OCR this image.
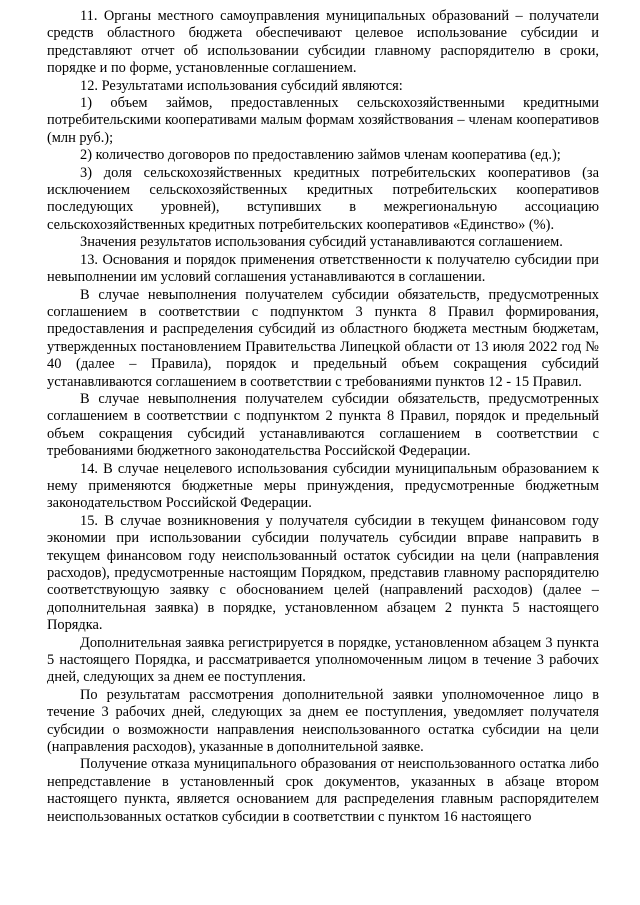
11. Органы местного самоуправления муниципальных образований – получатели средств областного бюджета обеспечивают целевое использование субсидии и представляют отчет об использовании субсидии главному распорядителю в сроки, порядке и по форме, установленные соглашением.

12. Результатами использования субсидий являются:

1) объем займов, предоставленных сельскохозяйственными кредитными потребительскими кооперативами малым формам хозяйствования – членам кооперативов (млн руб.);

2) количество договоров по предоставлению займов членам кооператива (ед.);

3) доля сельскохозяйственных кредитных потребительских кооперативов (за исключением сельскохозяйственных кредитных потребительских кооперативов последующих уровней), вступивших в межрегиональную ассоциацию сельскохозяйственных кредитных потребительских кооперативов «Единство» (%).

Значения результатов использования субсидий устанавливаются соглашением.

13. Основания и порядок применения ответственности к получателю субсидии при невыполнении им условий соглашения устанавливаются в соглашении.

В случае невыполнения получателем субсидии обязательств, предусмотренных соглашением в соответствии с подпунктом 3 пункта 8 Правил формирования, предоставления и распределения субсидий из областного бюджета местным бюджетам, утвержденных постановлением Правительства Липецкой области от 13 июля 2022 год № 40 (далее – Правила), порядок и предельный объем сокращения субсидий устанавливаются соглашением в соответствии с требованиями пунктов 12 - 15 Правил.

В случае невыполнения получателем субсидии обязательств, предусмотренных соглашением в соответствии с подпунктом 2 пункта 8 Правил, порядок и предельный объем сокращения субсидий устанавливаются соглашением в соответствии с требованиями бюджетного законодательства Российской Федерации.

14. В случае нецелевого использования субсидии муниципальным образованием к нему применяются бюджетные меры принуждения, предусмотренные бюджетным законодательством Российской Федерации.

15. В случае возникновения у получателя субсидии в текущем финансовом году экономии при использовании субсидии получатель субсидии вправе направить в текущем финансовом году неиспользованный остаток субсидии на цели (направления расходов), предусмотренные настоящим Порядком, представив главному распорядителю соответствующую заявку с обоснованием целей (направлений расходов) (далее – дополнительная заявка) в порядке, установленном абзацем 2 пункта 5 настоящего Порядка.

Дополнительная заявка регистрируется в порядке, установленном абзацем 3 пункта 5 настоящего Порядка, и рассматривается уполномоченным лицом в течение 3 рабочих дней, следующих за днем ее поступления.

По результатам рассмотрения дополнительной заявки уполномоченное лицо в течение 3 рабочих дней, следующих за днем ее поступления, уведомляет получателя субсидии о возможности направления неиспользованного остатка субсидии на цели (направления расходов), указанные в дополнительной заявке.

Получение отказа муниципального образования от неиспользованного остатка либо непредставление в установленный срок документов, указанных в абзаце втором настоящего пункта, является основанием для распределения главным распорядителем неиспользованных остатков субсидии в соответствии с пунктом 16 настоящего
